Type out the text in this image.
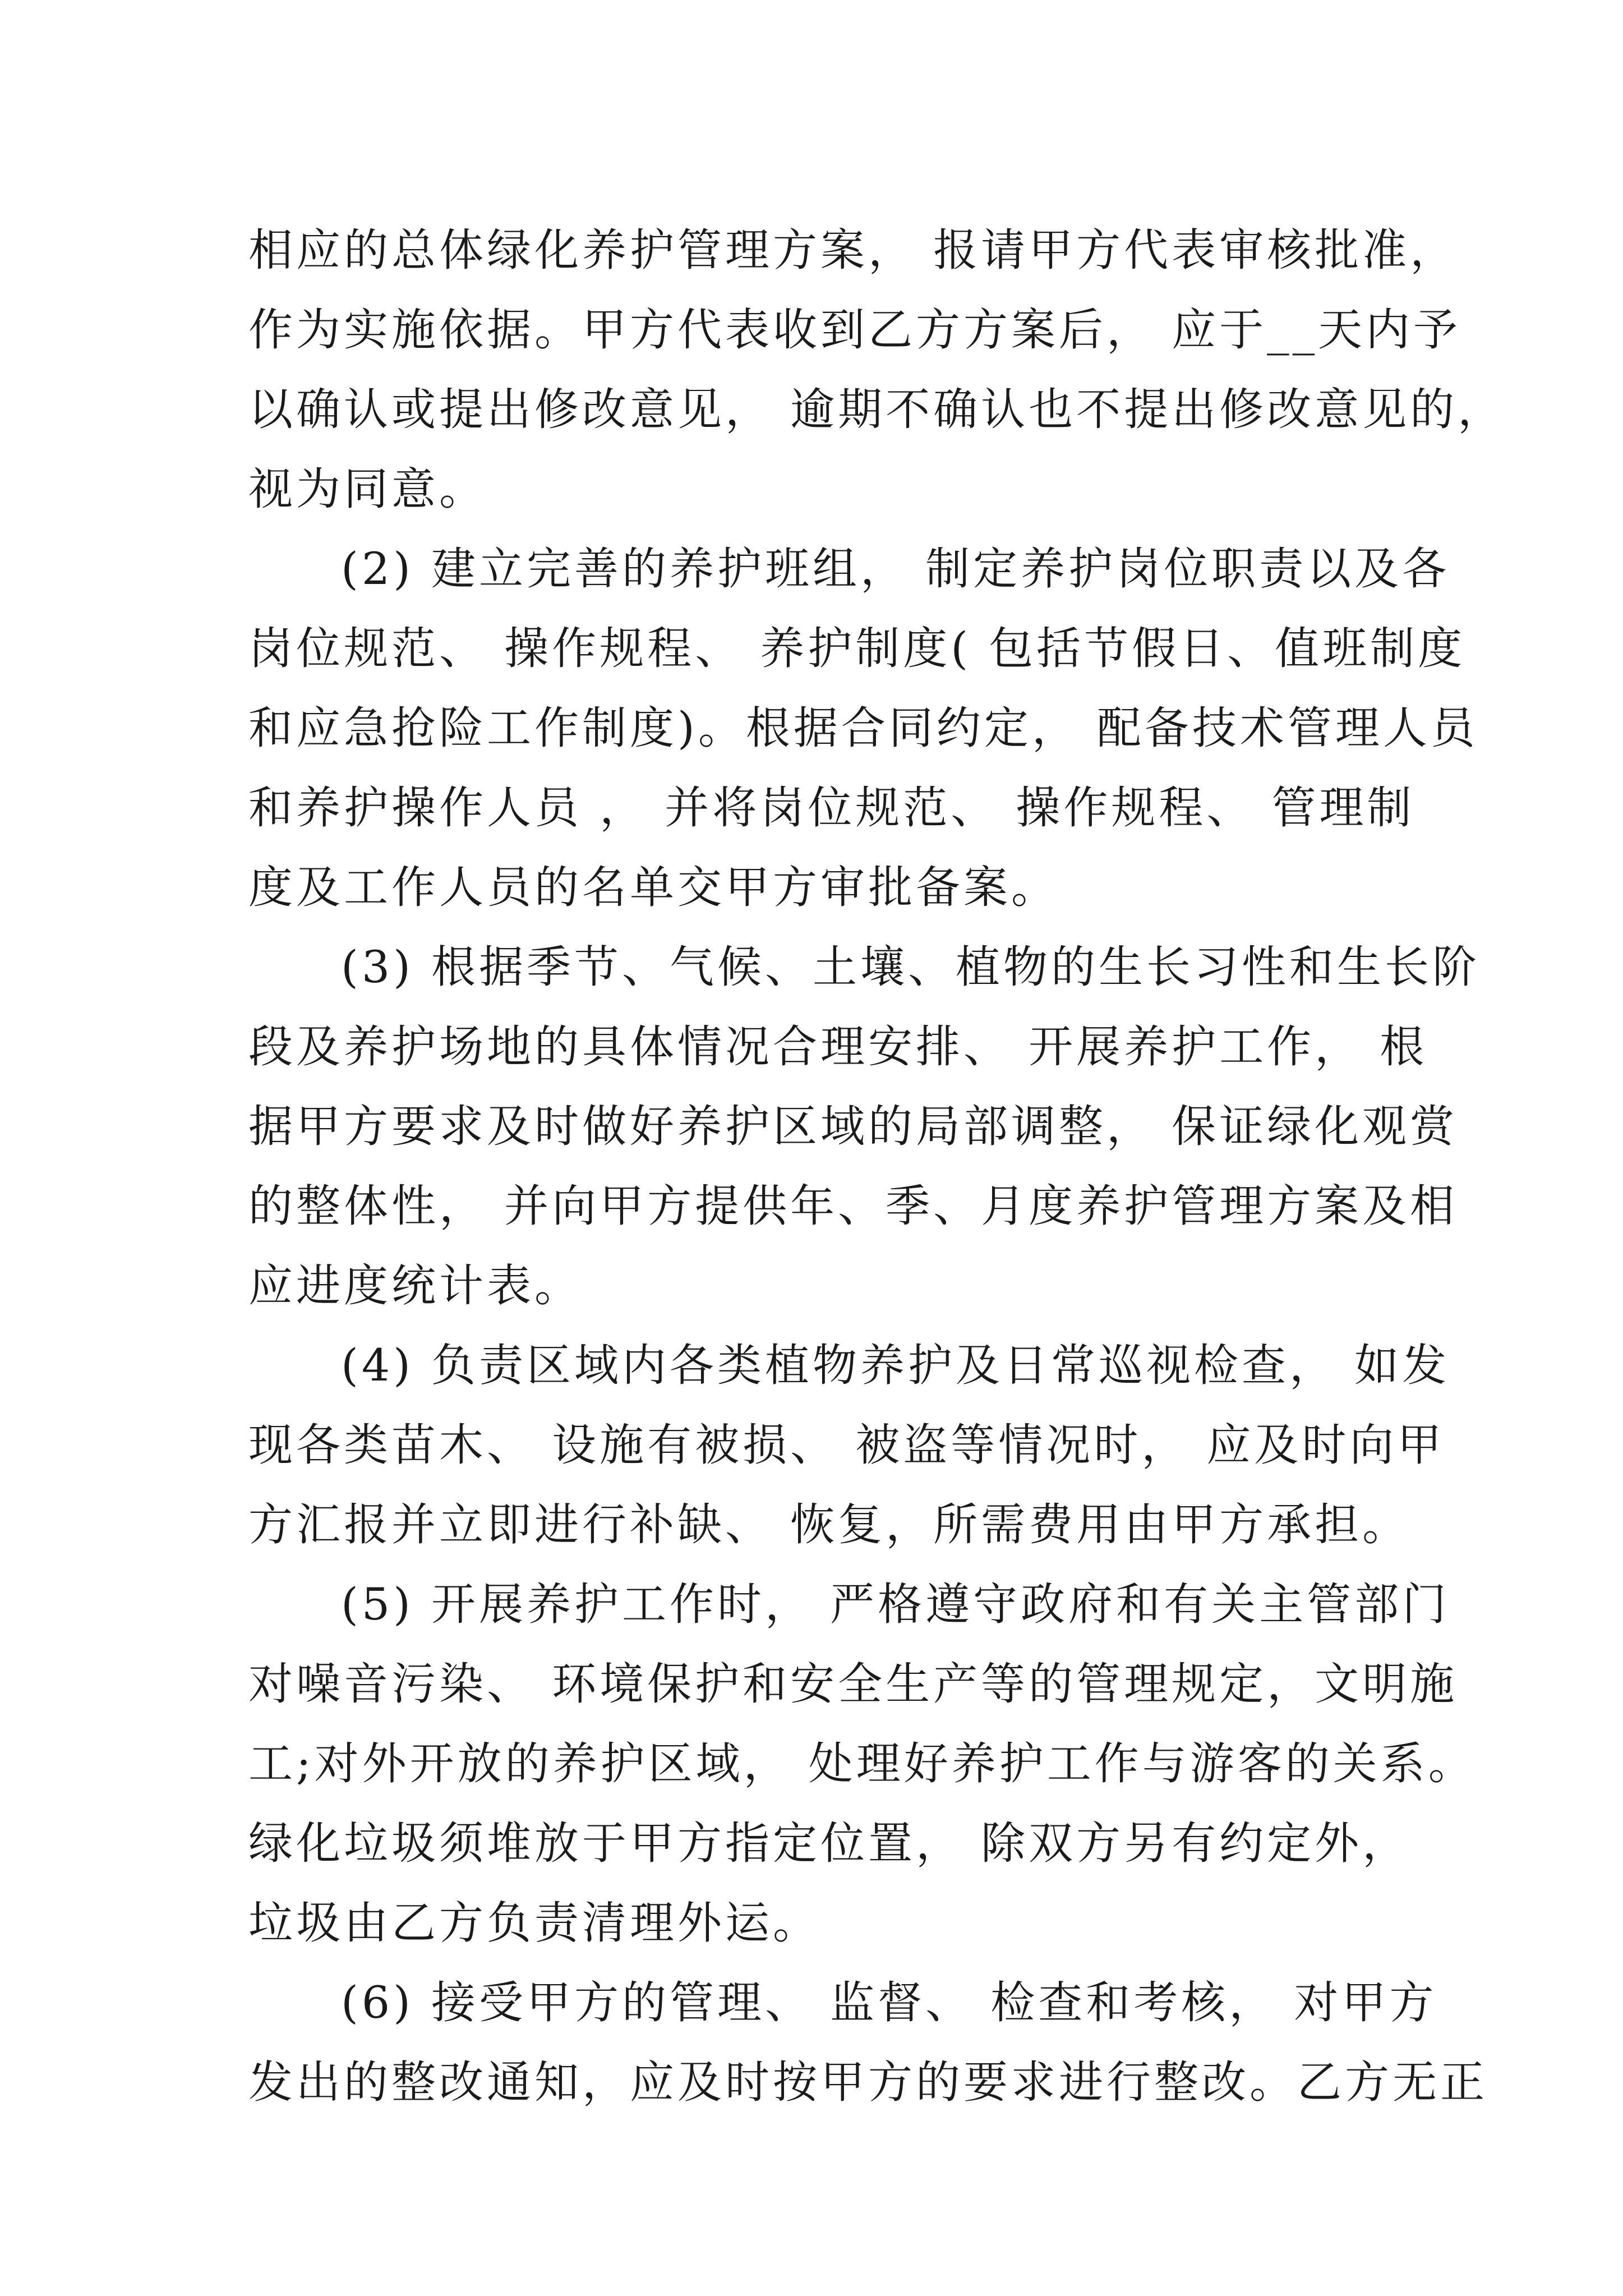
相应的总体绿化养护管理方案， 报请甲方代表审核批准，
作为实施依据。甲方代表收到乙方方案后， 应于__天内予
以确认或提出修改意见， 逾期不确认也不提出修改意见的，
视为同意。
(2) 建立完善的养护班组， 制定养护岗位职责以及各
岗位规范、 操作规程、 养护制度( 包括节假日、值班制度
和应急抢险工作制度)。根据合同约定， 配备技术管理人员
和养护操作人员 ， 并将岗位规范、 操作规程、 管理制
度及工作人员的名单交甲方审批备案。
(3) 根据季节、气候、土壤、植物的生长习性和生长阶
段及养护场地的具体情况合理安排、 开展养护工作， 根
据甲方要求及时做好养护区域的局部调整， 保证绿化观赏
的整体性， 并向甲方提供年、季、月度养护管理方案及相
应进度统计表。
(4) 负责区域内各类植物养护及日常巡视检查， 如发
现各类苗木、 设施有被损、 被盗等情况时， 应及时向甲
方汇报并立即进行补缺、 恢复，所需费用由甲方承担。
(5) 开展养护工作时， 严格遵守政府和有关主管部门
对噪音污染、 环境保护和安全生产等的管理规定，文明施
工;对外开放的养护区域， 处理好养护工作与游客的关系。
绿化垃圾须堆放于甲方指定位置， 除双方另有约定外，
垃圾由乙方负责清理外运。
(6) 接受甲方的管理、 监督、 检查和考核， 对甲方
发出的整改通知，应及时按甲方的要求进行整改。乙方无正
